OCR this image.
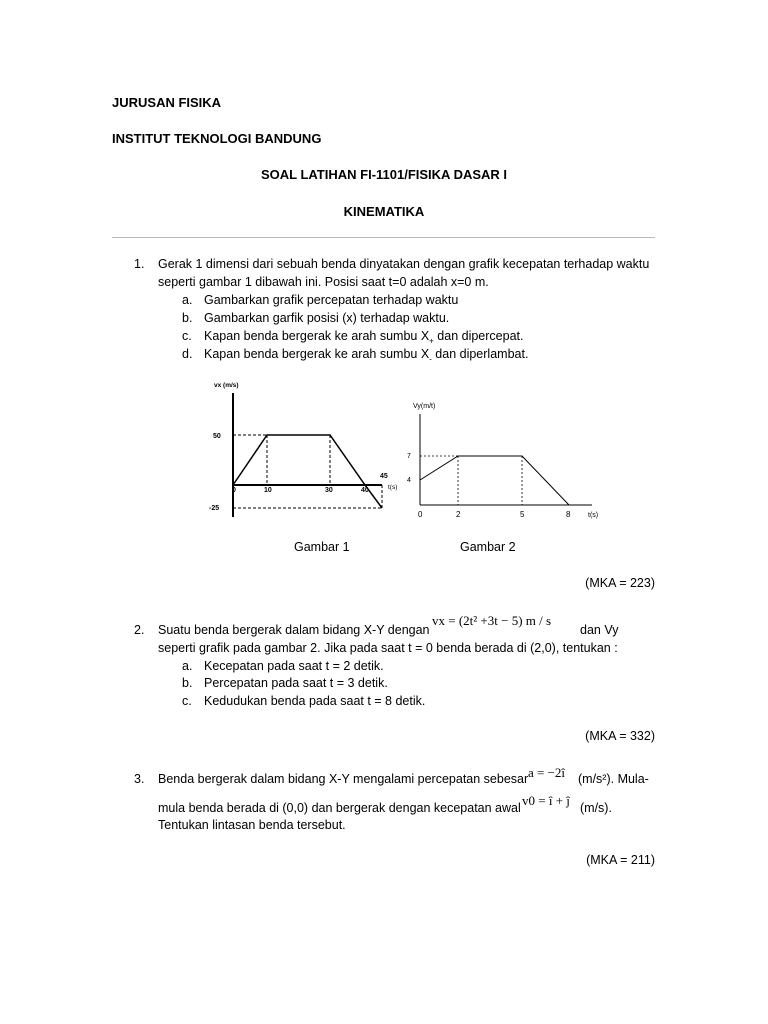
JURUSAN FISIKA
INSTITUT TEKNOLOGI BANDUNG
SOAL LATIHAN FI-1101/FISIKA DASAR I
KINEMATIKA
1.	Gerak 1 dimensi dari sebuah benda dinyatakan dengan grafik kecepatan terhadap waktu
seperti gambar 1 dibawah ini. Posisi saat t=0 adalah x=0 m.
a. Gambarkan grafik percepatan terhadap waktu
b. Gambarkan garfik posisi (x) terhadap waktu.
c. Kapan benda bergerak ke arah sumbu $X_+$ dan dipercepat.
d. Kapan benda bergerak ke arah sumbu $X_-$ dan diperlambat.
vx (m/s)
50
-25
0	10	30	40
45
t(s)
Vy(m/t)
7
4
0	2	5	8	t(s)
Gambar 1	Gambar 2
(MKA = 223)
2.	Suatu benda bergerak dalam bidang X-Y dengan
vx = (2t² +3t − 5) m / s
dan Vy
seperti grafik pada gambar 2. Jika pada saat t = 0 benda berada di (2,0), tentukan :
a. Kecepatan pada saat t = 2 detik.
b. Percepatan pada saat t = 3 detik.
c. Kedudukan benda pada saat t = 8 detik.
(MKA = 332)
3.	Benda bergerak dalam bidang X-Y mengalami percepatan sebesar a = −2î (m/s²). Mula-
mula benda berada di (0,0) dan bergerak dengan kecepatan awal v0 = î + ĵ (m/s).
Tentukan lintasan benda tersebut.
(MKA = 211)
